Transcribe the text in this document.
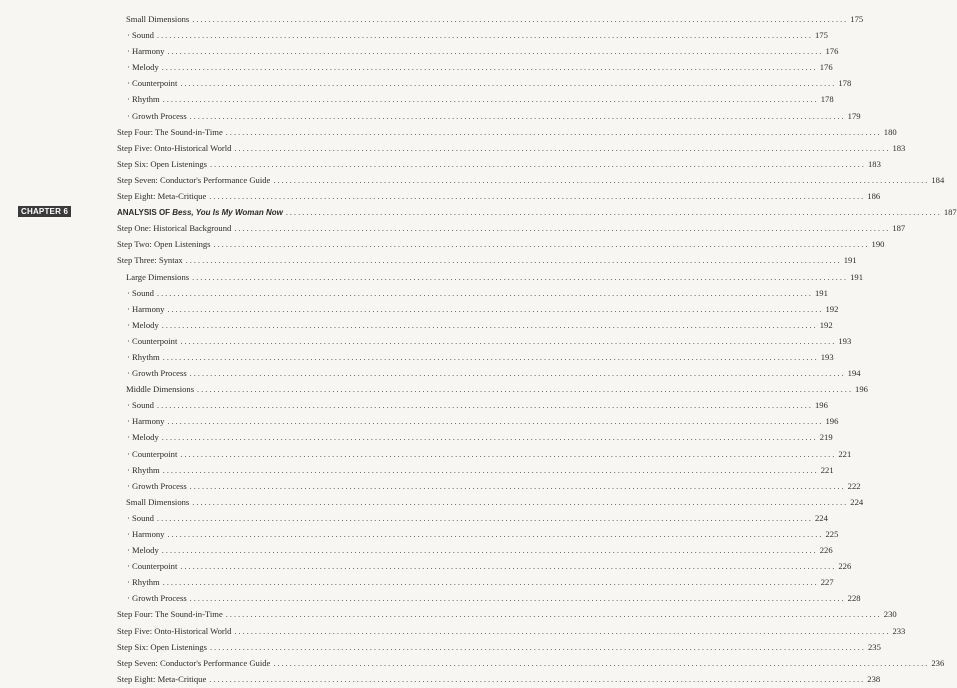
Small Dimensions ................................................................................................................................................................ 175
· Sound ................................................................................................................................................................ 175
· Harmony ................................................................................................................................................................ 176
· Melody ................................................................................................................................................................ 176
· Counterpoint ................................................................................................................................................................ 178
· Rhythm ................................................................................................................................................................ 178
· Growth Process ................................................................................................................................................................ 179
Step Four: The Sound-in-Time ................................................................................................................................................................ 180
Step Five: Onto-Historical World ................................................................................................................................................................ 183
Step Six: Open Listenings ................................................................................................................................................................ 183
Step Seven: Conductor's Performance Guide ................................................................................................................................................................ 184
Step Eight: Meta-Critique ................................................................................................................................................................ 186
CHAPTER 6	ANALYSIS OF Bess, You Is My Woman Now ................................................................................................................................................................ 187
Step One: Historical Background ................................................................................................................................................................ 187
Step Two: Open Listenings ................................................................................................................................................................ 190
Step Three: Syntax ................................................................................................................................................................ 191
Large Dimensions ................................................................................................................................................................ 191
· Sound ................................................................................................................................................................ 191
· Harmony ................................................................................................................................................................ 192
· Melody ................................................................................................................................................................ 192
· Counterpoint ................................................................................................................................................................ 193
· Rhythm ................................................................................................................................................................ 193
· Growth Process ................................................................................................................................................................ 194
Middle Dimensions ................................................................................................................................................................ 196
· Sound ................................................................................................................................................................ 196
· Harmony ................................................................................................................................................................ 196
· Melody ................................................................................................................................................................ 219
· Counterpoint ................................................................................................................................................................ 221
· Rhythm ................................................................................................................................................................ 221
· Growth Process ................................................................................................................................................................ 222
Small Dimensions ................................................................................................................................................................ 224
· Sound ................................................................................................................................................................ 224
· Harmony ................................................................................................................................................................ 225
· Melody ................................................................................................................................................................ 226
· Counterpoint ................................................................................................................................................................ 226
· Rhythm ................................................................................................................................................................ 227
· Growth Process ................................................................................................................................................................ 228
Step Four: The Sound-in-Time ................................................................................................................................................................ 230
Step Five: Onto-Historical World ................................................................................................................................................................ 233
Step Six: Open Listenings ................................................................................................................................................................ 235
Step Seven: Conductor's Performance Guide ................................................................................................................................................................ 236
Step Eight: Meta-Critique ................................................................................................................................................................ 238
